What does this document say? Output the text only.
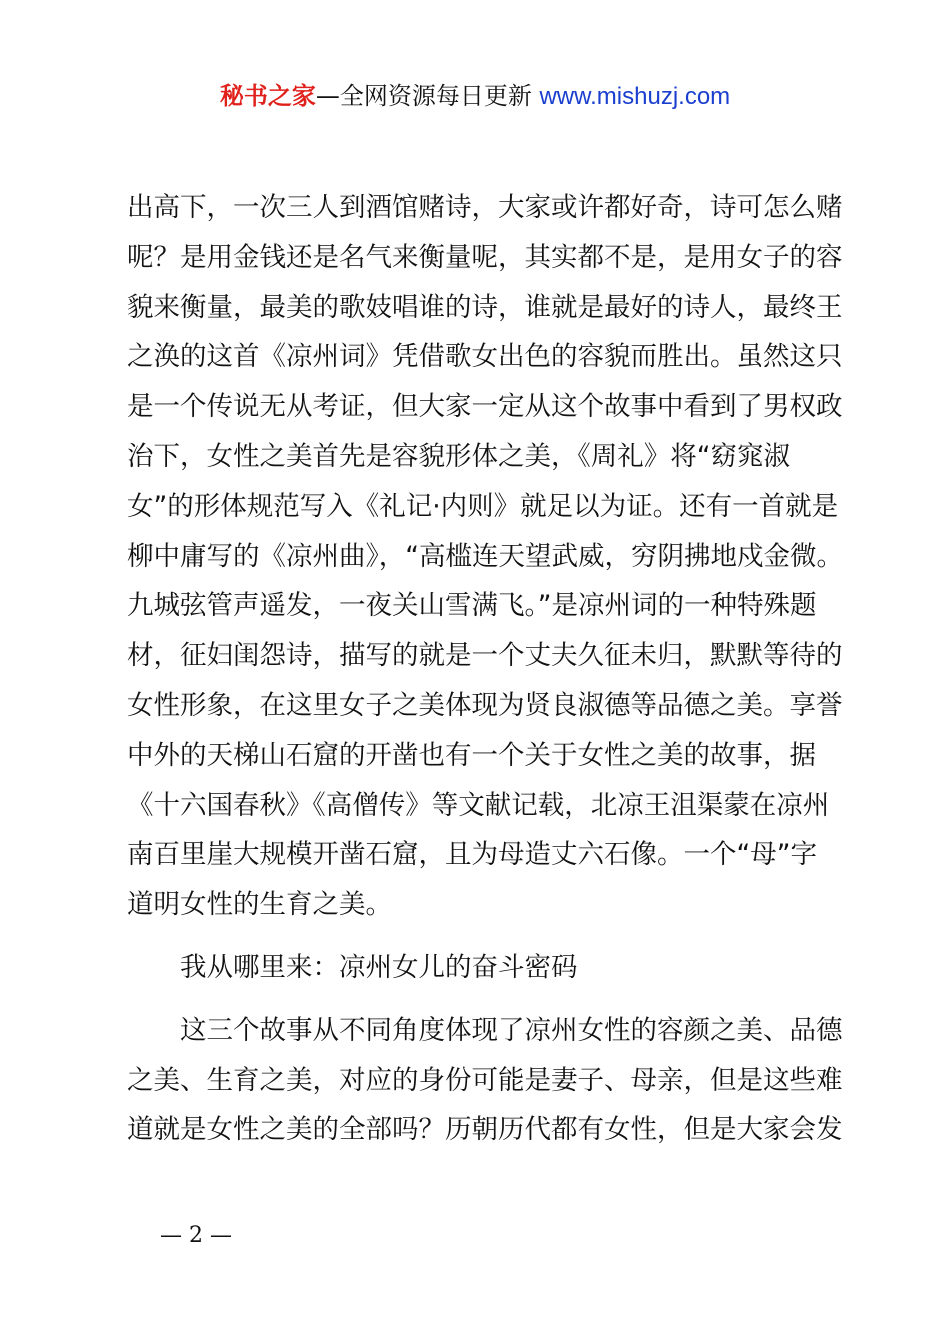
秘书之家—全网资源每日更新 www.mishuzj.com
出高下，一次三人到酒馆赌诗，大家或许都好奇，诗可怎么赌
呢？是用金钱还是名气来衡量呢，其实都不是，是用女子的容
貌来衡量，最美的歌妓唱谁的诗，谁就是最好的诗人，最终王
之涣的这首《凉州词》凭借歌女出色的容貌而胜出。虽然这只
是一个传说无从考证，但大家一定从这个故事中看到了男权政
治下，女性之美首先是容貌形体之美，《周礼》将“窈窕淑
女”的形体规范写入《礼记·内则》就足以为证。还有一首就是
柳中庸写的《凉州曲》，“高槛连天望武威，穷阴拂地戍金微。
九城弦管声遥发，一夜关山雪满飞。”是凉州词的一种特殊题
材，征妇闺怨诗，描写的就是一个丈夫久征未归，默默等待的
女性形象，在这里女子之美体现为贤良淑德等品德之美。享誉
中外的天梯山石窟的开凿也有一个关于女性之美的故事，据
《十六国春秋》《高僧传》等文献记载，北凉王沮渠蒙在凉州
南百里崖大规模开凿石窟，且为母造丈六石像。一个“母”字
道明女性的生育之美。
我从哪里来：凉州女儿的奋斗密码
这三个故事从不同角度体现了凉州女性的容颜之美、品德
之美、生育之美，对应的身份可能是妻子、母亲，但是这些难
道就是女性之美的全部吗？历朝历代都有女性，但是大家会发
— 2 —
